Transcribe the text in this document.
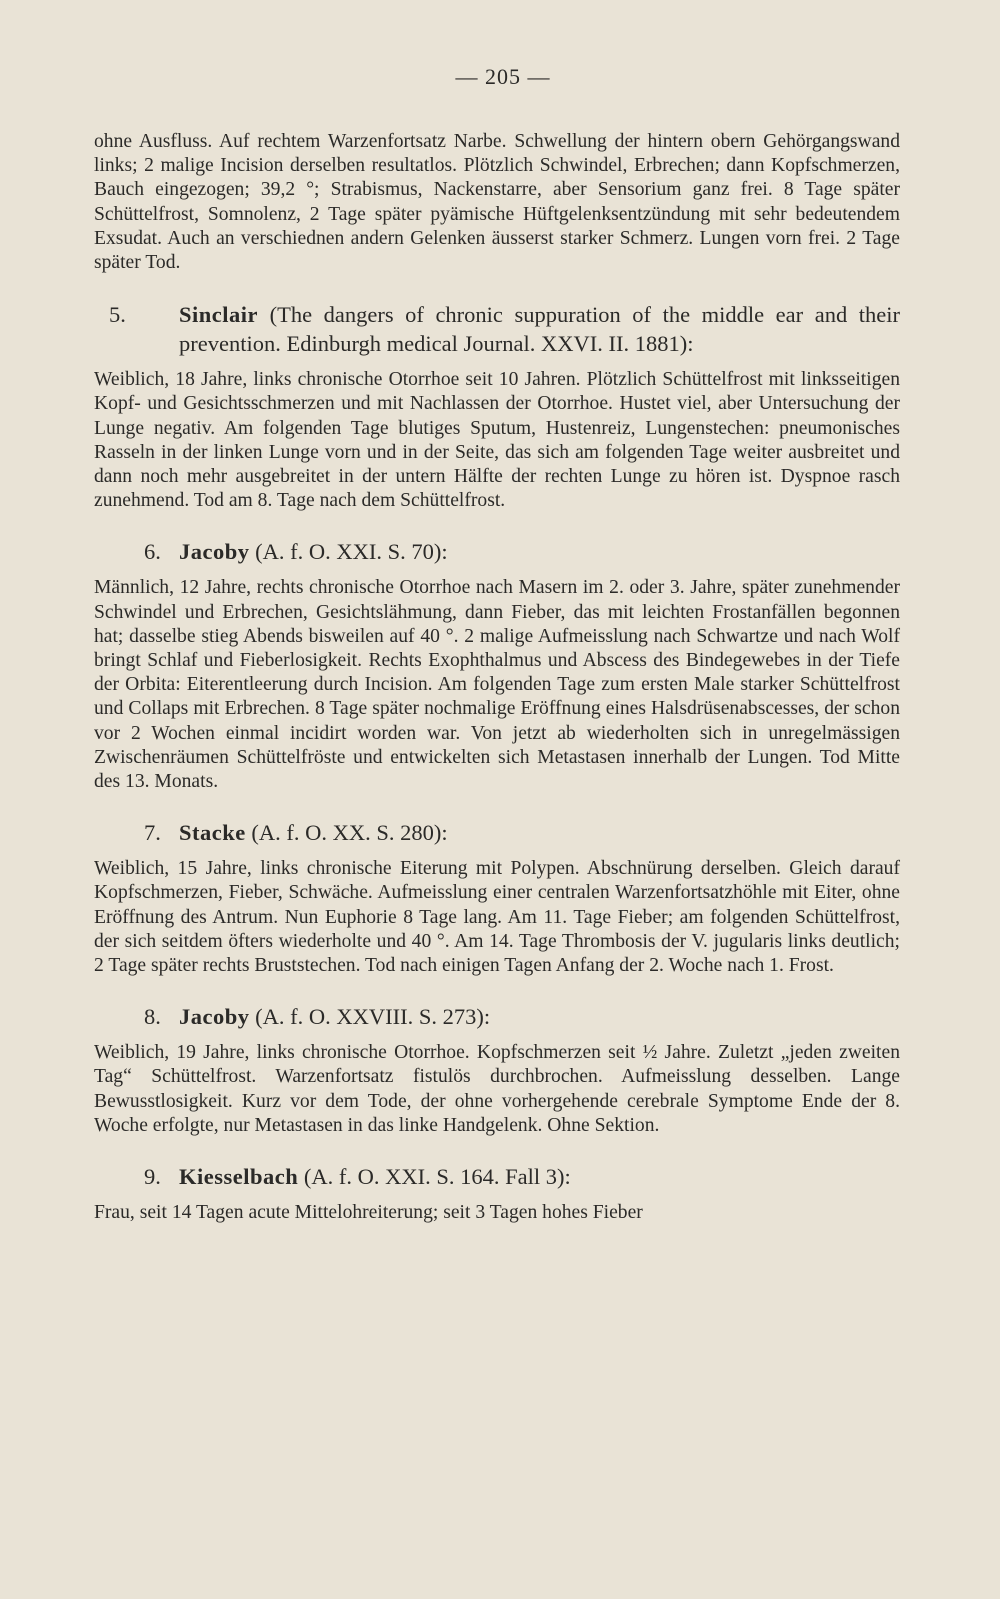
— 205 —

ohne Ausfluss. Auf rechtem Warzenfortsatz Narbe. Schwellung der hintern obern Gehörgangswand links; 2 malige Incision derselben resultatlos. Plötzlich Schwindel, Erbrechen; dann Kopfschmerzen, Bauch eingezogen; 39,2 °; Strabismus, Nackenstarre, aber Sensorium ganz frei. 8 Tage später Schüttelfrost, Somnolenz, 2 Tage später pyämische Hüftgelenksentzündung mit sehr bedeutendem Exsudat. Auch an verschiednen andern Gelenken äusserst starker Schmerz. Lungen vorn frei. 2 Tage später Tod.

5. Sinclair (The dangers of chronic suppuration of the middle ear and their prevention. Edinburgh medical Journal. XXVI. II. 1881):

Weiblich, 18 Jahre, links chronische Otorrhoe seit 10 Jahren. Plötzlich Schüttelfrost mit linksseitigen Kopf- und Gesichtsschmerzen und mit Nachlassen der Otorrhoe. Hustet viel, aber Untersuchung der Lunge negativ. Am folgenden Tage blutiges Sputum, Hustenreiz, Lungenstechen: pneumonisches Rasseln in der linken Lunge vorn und in der Seite, das sich am folgenden Tage weiter ausbreitet und dann noch mehr ausgebreitet in der untern Hälfte der rechten Lunge zu hören ist. Dyspnoe rasch zunehmend. Tod am 8. Tage nach dem Schüttelfrost.

6. Jacoby (A. f. O. XXI. S. 70):

Männlich, 12 Jahre, rechts chronische Otorrhoe nach Masern im 2. oder 3. Jahre, später zunehmender Schwindel und Erbrechen, Gesichtslähmung, dann Fieber, das mit leichten Frostanfällen begonnen hat; dasselbe stieg Abends bisweilen auf 40 °. 2 malige Aufmeisslung nach Schwartze und nach Wolf bringt Schlaf und Fieberlosigkeit. Rechts Exophthalmus und Abscess des Bindegewebes in der Tiefe der Orbita: Eiterentleerung durch Incision. Am folgenden Tage zum ersten Male starker Schüttelfrost und Collaps mit Erbrechen. 8 Tage später nochmalige Eröffnung eines Halsdrüsenabscesses, der schon vor 2 Wochen einmal incidirt worden war. Von jetzt ab wiederholten sich in unregelmässigen Zwischenräumen Schüttelfröste und entwickelten sich Metastasen innerhalb der Lungen. Tod Mitte des 13. Monats.

7. Stacke (A. f. O. XX. S. 280):

Weiblich, 15 Jahre, links chronische Eiterung mit Polypen. Abschnürung derselben. Gleich darauf Kopfschmerzen, Fieber, Schwäche. Aufmeisslung einer centralen Warzenfortsatzhöhle mit Eiter, ohne Eröffnung des Antrum. Nun Euphorie 8 Tage lang. Am 11. Tage Fieber; am folgenden Schüttelfrost, der sich seitdem öfters wiederholte und 40 °. Am 14. Tage Thrombosis der V. jugularis links deutlich; 2 Tage später rechts Bruststechen. Tod nach einigen Tagen Anfang der 2. Woche nach 1. Frost.

8. Jacoby (A. f. O. XXVIII. S. 273):

Weiblich, 19 Jahre, links chronische Otorrhoe. Kopfschmerzen seit ½ Jahre. Zuletzt „jeden zweiten Tag“ Schüttelfrost. Warzenfortsatz fistulös durchbrochen. Aufmeisslung desselben. Lange Bewusstlosigkeit. Kurz vor dem Tode, der ohne vorhergehende cerebrale Symptome Ende der 8. Woche erfolgte, nur Metastasen in das linke Handgelenk. Ohne Sektion.

9. Kiesselbach (A. f. O. XXI. S. 164. Fall 3):

Frau, seit 14 Tagen acute Mittelohreiterung; seit 3 Tagen hohes Fieber
